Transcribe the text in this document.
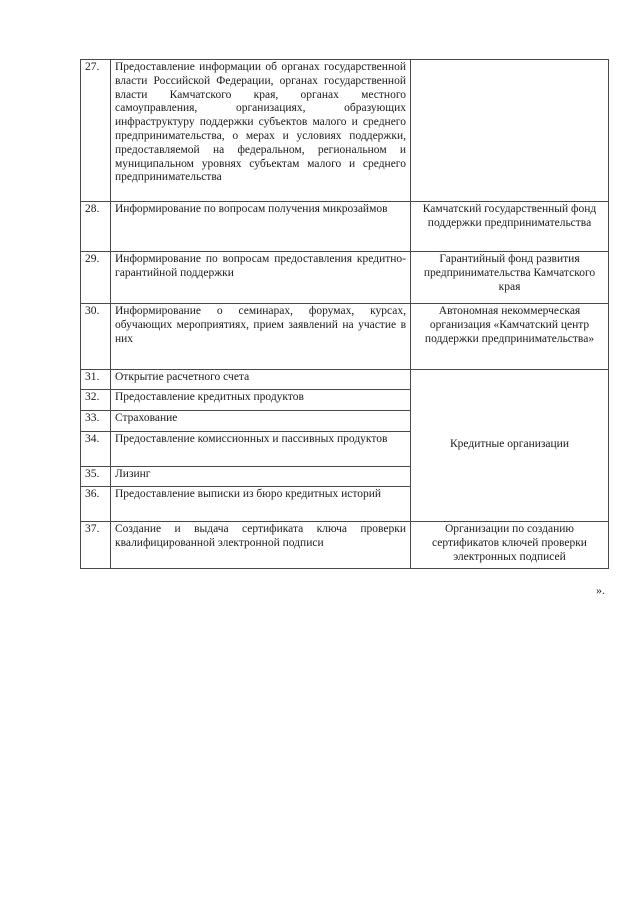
27.	Предоставление информации об органах государственной власти Российской Федерации, органах государственной власти Камчатского края, органах местного самоуправления, организациях, образующих инфраструктуру поддержки субъектов малого и среднего предпринимательства, о мерах и условиях поддержки, предоставляемой на федеральном, региональном и муниципальном уровнях субъектам малого и среднего предпринимательства	
28.	Информирование по вопросам получения микрозаймов	Камчатский государственный фонд поддержки предпринимательства
29.	Информирование по вопросам предоставления кредитно-гарантийной поддержки	Гарантийный фонд развития предпринимательства Камчатского края
30.	Информирование о семинарах, форумах, курсах, обучающих мероприятиях, прием заявлений на участие в них	Автономная некоммерческая организация «Камчатский центр поддержки предпринимательства»
31.	Открытие расчетного счета	Кредитные организации
32.	Предоставление кредитных продуктов	
33.	Страхование	
34.	Предоставление комиссионных и пассивных продуктов	
35.	Лизинг	
36.	Предоставление выписки из бюро кредитных историй	
37.	Создание и выдача сертификата ключа проверки квалифицированной электронной подписи	Организации по созданию сертификатов ключей проверки электронных подписей
».
